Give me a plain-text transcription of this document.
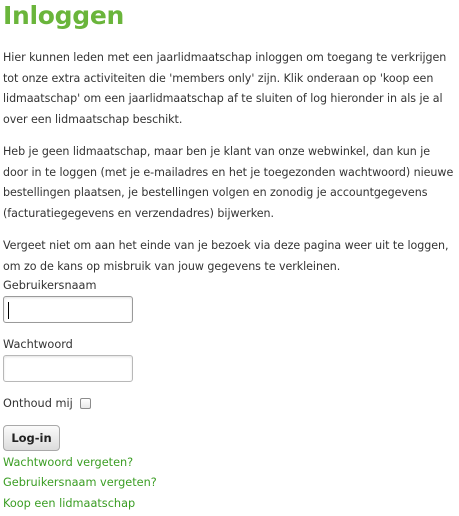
Inloggen

Hier kunnen leden met een jaarlidmaatschap inloggen om toegang te verkrijgen tot onze extra activiteiten die 'members only' zijn. Klik onderaan op 'koop een lidmaatschap' om een jaarlidmaatschap af te sluiten of log hieronder in als je al over een lidmaatschap beschikt.

Heb je geen lidmaatschap, maar ben je klant van onze webwinkel, dan kun je door in te loggen (met je e-mailadres en het je toegezonden wachtwoord) nieuwe bestellingen plaatsen, je bestellingen volgen en zonodig je accountgegevens (facturatiegegevens en verzendadres) bijwerken.

Vergeet niet om aan het einde van je bezoek via deze pagina weer uit te loggen, om zo de kans op misbruik van jouw gegevens te verkleinen.

Gebruikersnaam
Wachtwoord
Onthoud mij
Log-in
Wachtwoord vergeten?
Gebruikersnaam vergeten?
Koop een lidmaatschap
